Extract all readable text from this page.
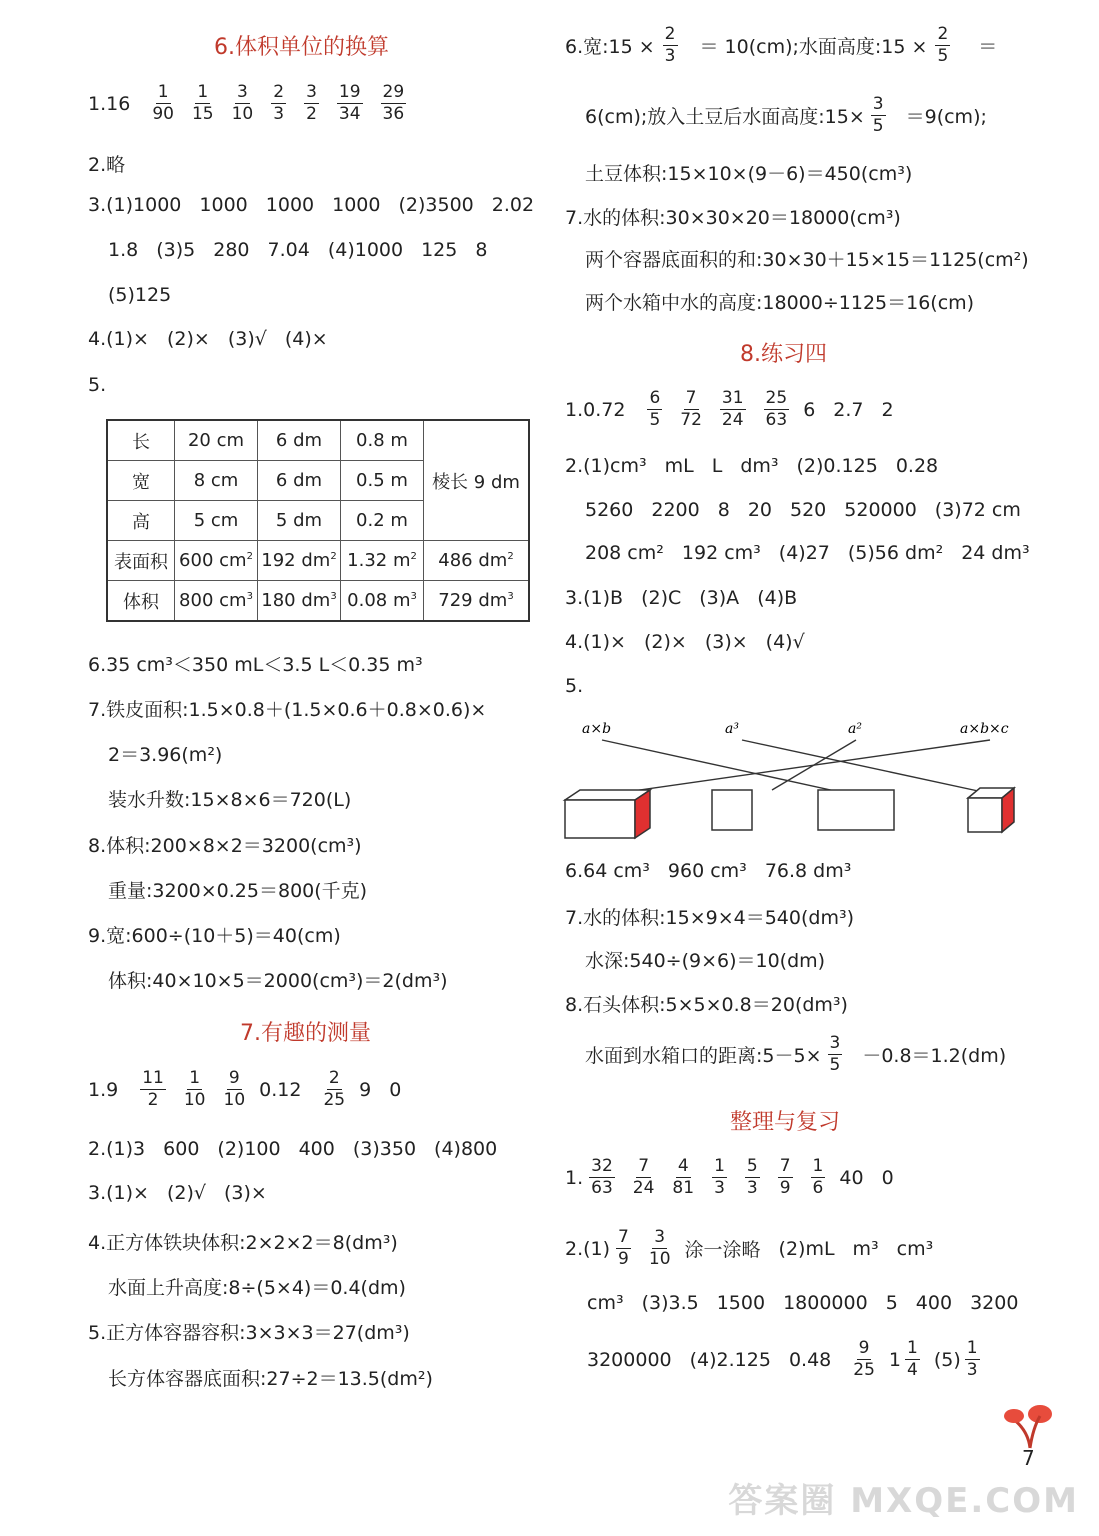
6.体积单位的换算
$1.16 \frac{1}{90} \frac{1}{15} \frac{3}{10} \frac{2}{3} \frac{3}{2} \frac{19}{34} \frac{29}{36}$
2.略
3.(1)1000 1000 1000 1000 (2)3500 2.02
1.8 (3)5 280 7.04 (4)1000 125 8
(5)125
4.(1)× (2)× (3)√ (4)×
5.
长	20 cm	6 dm	0.8 m	棱长 9 dm
宽	8 cm	6 dm	0.5 m	
高	5 cm	5 dm	0.2 m	
表面积	600 $cm^2$	192 $dm^2$	1.32 $m^2$	486 $dm^2$
体积	800 $cm^3$	180 $dm^3$	0.08 $m^3$	729 $dm^3$
6.35 cm³＜350 mL＜3.5 L＜0.35 m³
7.铁皮面积:1.5×0.8＋(1.5×0.6＋0.8×0.6)×
2＝3.96(m²)
装水升数:15×8×6＝720(L)
8.体积:200×8×2＝3200(cm³)
重量:3200×0.25＝800(千克)
9.宽:600÷(10＋5)＝40(cm)
体积:40×10×5＝2000(cm³)＝2(dm³)
7.有趣的测量
$1.9 \frac{11}{2} \frac{1}{10} \frac{9}{10} 0.12 \frac{2}{25} 9$ 0
2.(1)3 600 (2)100 400 (3)350 (4)800
3.(1)× (2)√ (3)×
4.正方体铁块体积:2×2×2＝8(dm³)
水面上升高度:8÷(5×4)＝0.4(dm)
5.正方体容器容积:3×3×3＝27(dm³)
长方体容器底面积:27÷2＝13.5(dm²)
6.宽:15 × $\frac{2}{3} = 10(cm)$;水面高度:15 × $\frac{2}{5}$ ＝
6(cm);放入土豆后水面高度:15× $\frac{3}{5} =9(cm)$;
土豆体积:15×10×(9－6)＝450(cm³)
7.水的体积:30×30×20＝18000(cm³)
两个容器底面积的和:30×30＋15×15＝1125(cm²)
两个水箱中水的高度:18000÷1125＝16(cm)
8.练习四
$1.0.72 \frac{6}{5} \frac{7}{72} \frac{31}{24} \frac{25}{63} 6$ 2.7 2
2.(1)cm³ mL L dm³ (2)0.125 0.28
5260 2200 8 20 520 520000 (3)72 cm
208 cm² 192 cm³ (4)27 (5)56 dm² 24 dm³
3.(1)B (2)C (3)A (4)B
4.(1)× (2)× (3)× (4)√
5.
a×b	a³	a²	a×b×c
6.64 cm³ 960 cm³ 76.8 dm³
7.水的体积:15×9×4＝540(dm³)
水深:540÷(9×6)＝10(dm)
8.石头体积:5×5×0.8＝20(dm³)
水面到水箱口的距离:5－5× $\frac{3}{5} -0.8=1.2(dm)$
整理与复习
1. $\frac{32}{63} \frac{7}{24} \frac{4}{81} \frac{1}{3} \frac{5}{3} \frac{7}{9} \frac{1}{6} 40$ 0
$2.(1) \frac{7}{9} \frac{3}{10}$ 涂一涂略 (2)mL m³ cm³
cm³ (3)3.5 1500 1800000 5 400 3200
3200000 (4)2.125 $0.48 \frac{9}{25} 1 \frac{1}{4} (5) \frac{1}{3}$
7
答案圈 MXQE.COM
